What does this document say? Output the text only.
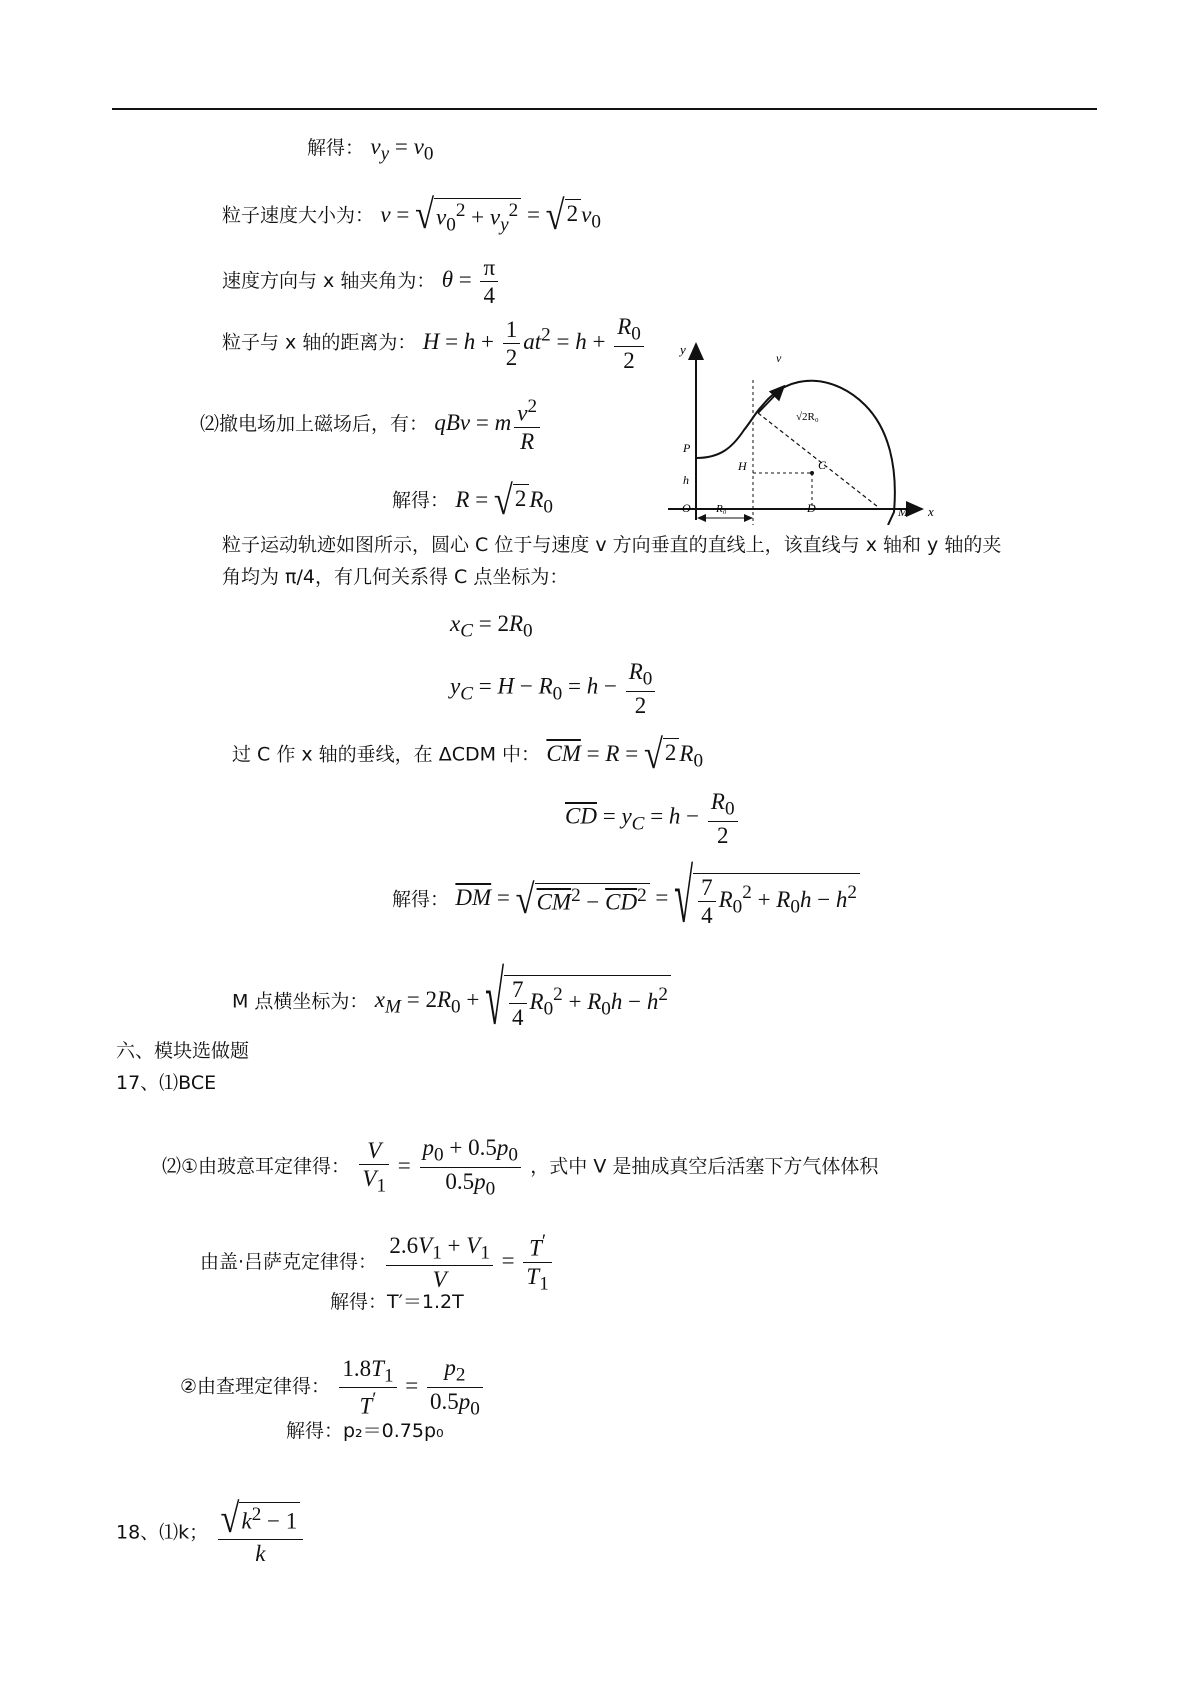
解得： $v_y = v_0$
粒子速度大小为： v = √ $v_0^2 + v_y^2$ = √ 2 $v_0$
速度方向与 x 轴夹角为： $\theta = \frac{\pi}{4}$
粒子与 x 轴的距离为： $H = h + \frac{1}{2} at^2 = h + \frac{R_0}{2}$
⑵撤电场加上磁场后，有： qBv = m $\frac{v^2}{R}$
解得： R = √ 2 $R_0$
y
x
v
√2R₀
P
H
h
C
O	D	M
R₀
粒子运动轨迹如图所示，圆心 C 位于与速度 v 方向垂直的直线上，该直线与 x 轴和 y 轴的夹
角均为 π/4，有几何关系得 C 点坐标为：
$x_C = 2R_0$
$y_C = H - R_0 = h - \frac{R_0}{2}$
过 C 作 x 轴的垂线，在 ΔCDM 中： $\overline{CM} = R$ = √ 2 $R_0$
$\overline{CD} = y_C = h - \frac{R_0}{2}$
解得： $\overline{DM}$ = √ $CM^2 - \overline{CD}^2$ = √ $\frac{7}{4} R_0^2 + R_0h - h^2$
M 点横坐标为： $x_M = 2R_0$ + √ $\frac{7}{4} R_0^2 + R_0h - h^2$
六、模块选做题
17、⑴BCE
⑵①由玻意耳定律得： $\frac{V}{V_1} = \frac{p_0 + 0.5p_0}{0.5p_0}$ ，式中 V 是抽成真空后活塞下方气体体积
由盖·吕萨克定律得： $\frac{2.6V_1 + V_1}{V} = \frac{T'}{T_1}$
解得：T′＝1.2T
②由查理定律得： $\frac{1.8T_1}{T'} = \frac{p_2}{0.5p_0}$
解得：p₂＝0.75p₀
18、⑴k； $\frac{√ k^2 - 1}{k}$
